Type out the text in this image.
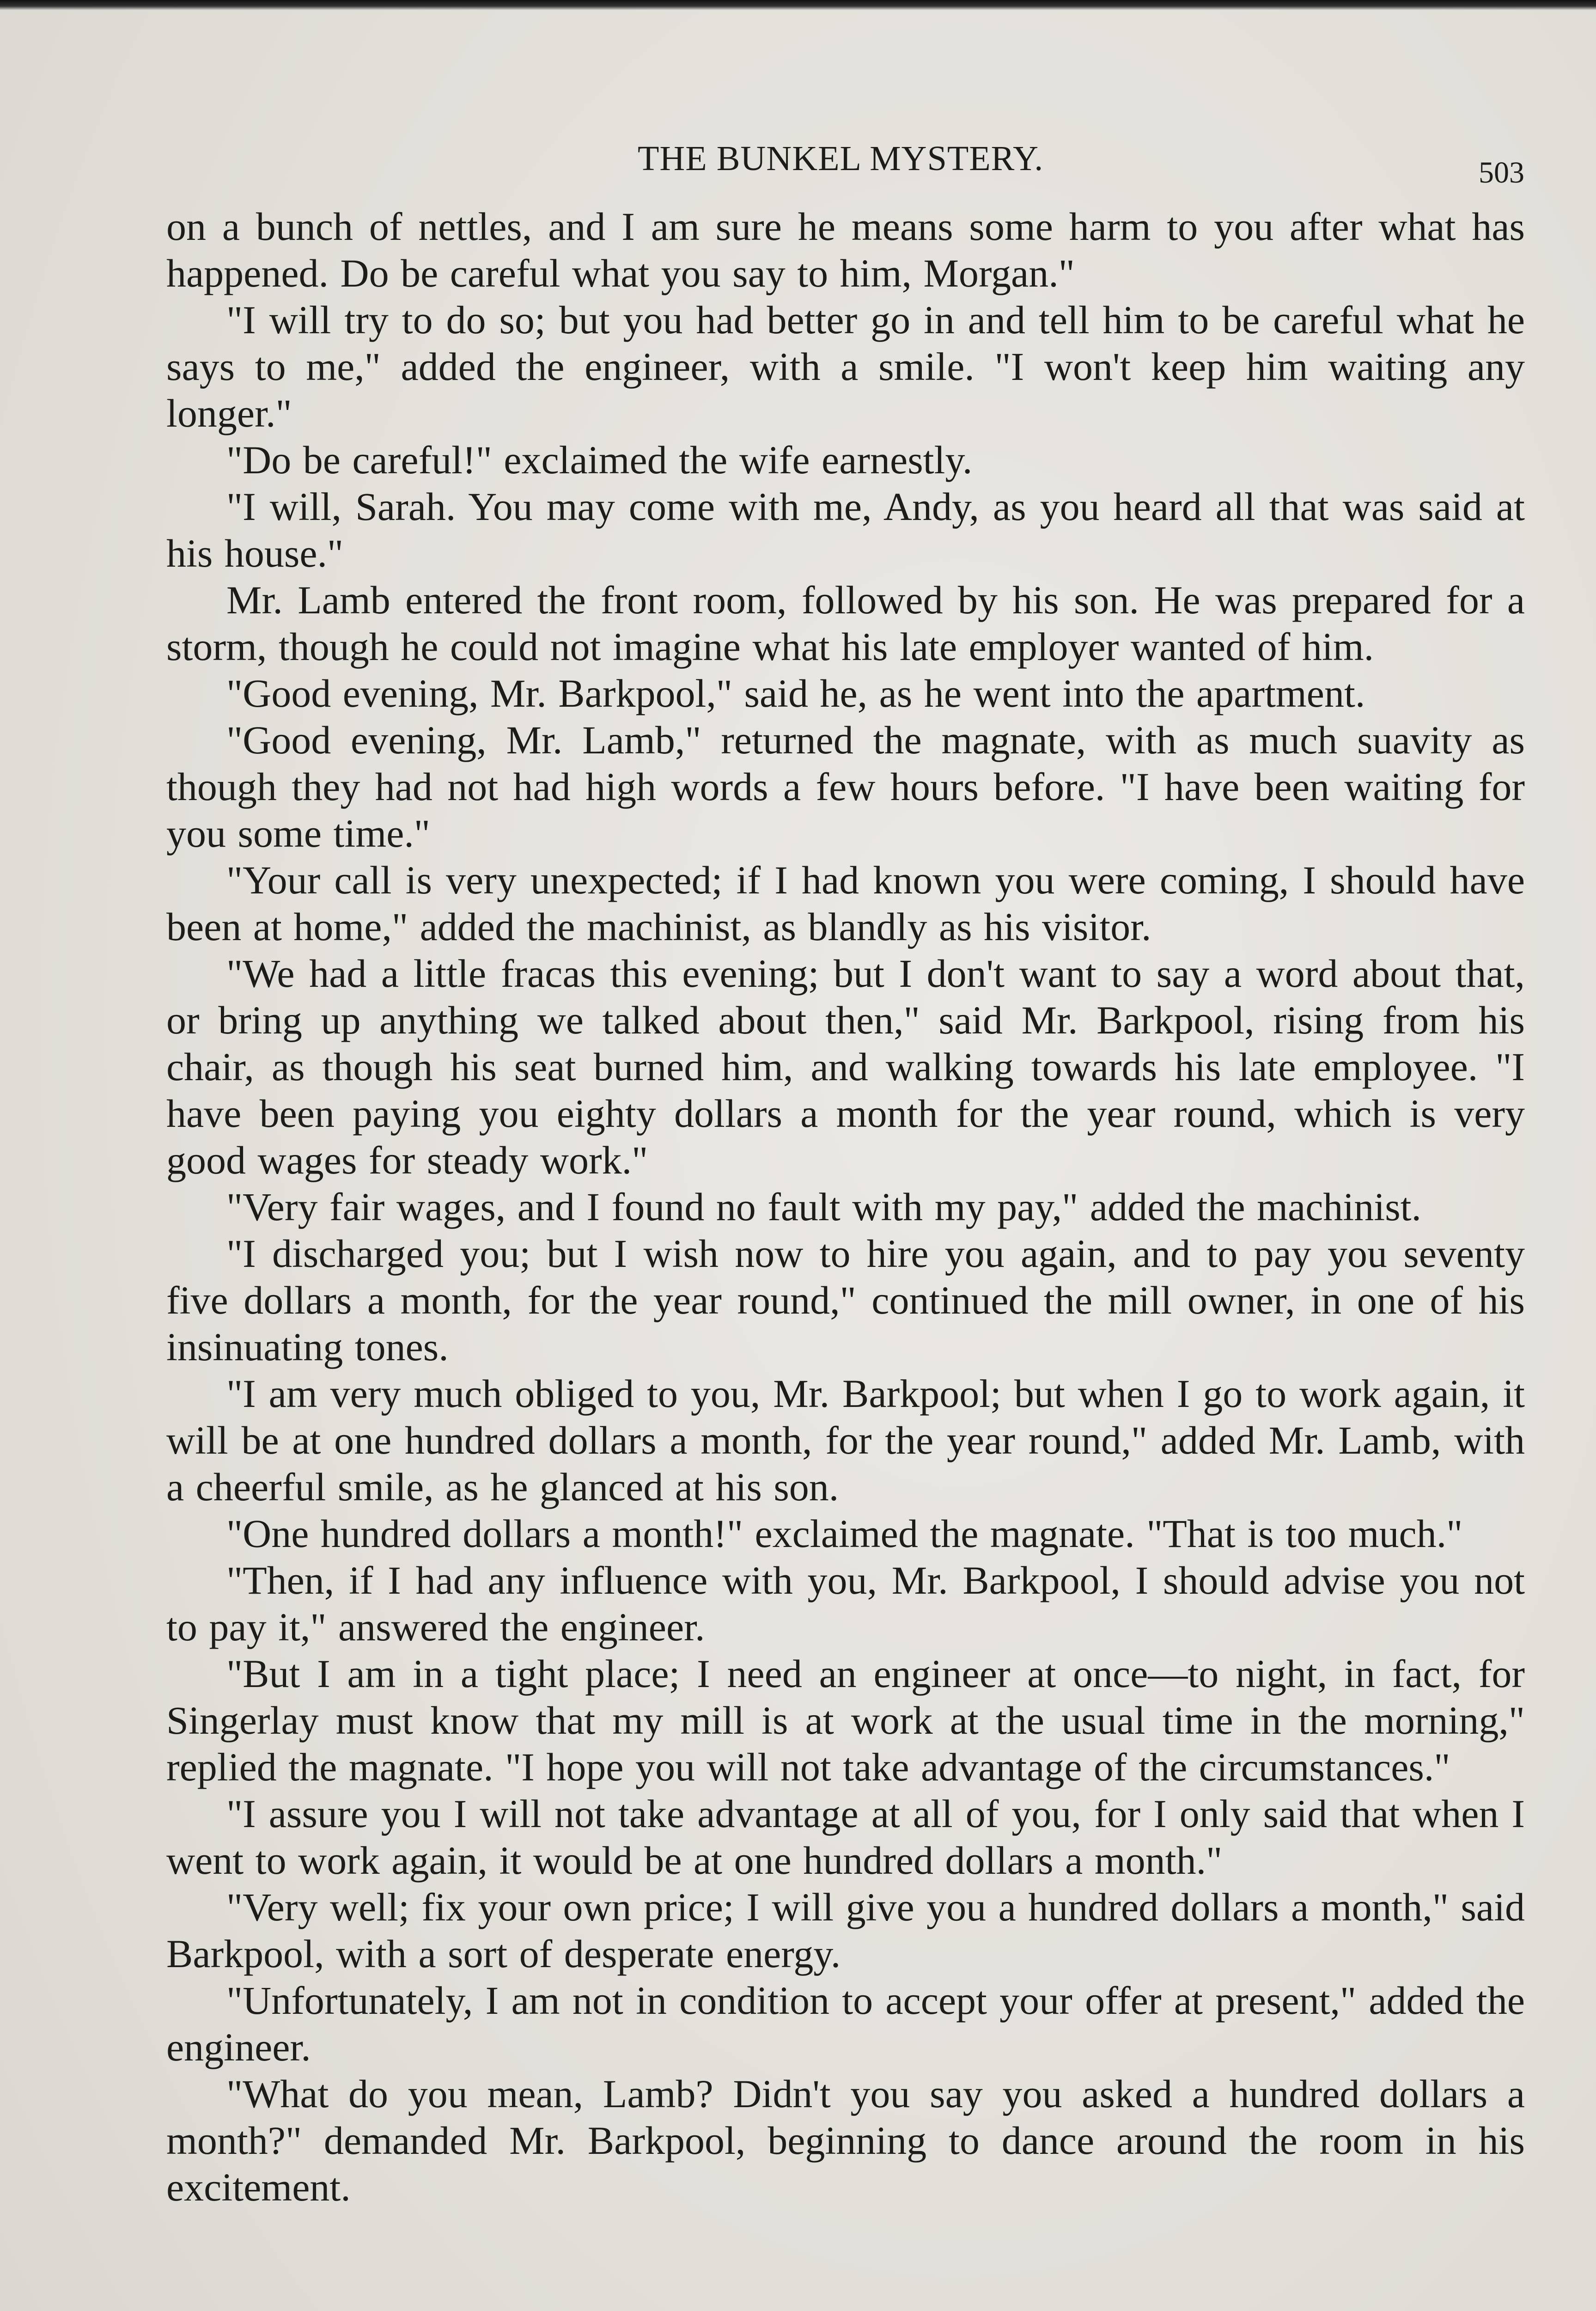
THE BUNKEL MYSTERY.	503

on a bunch of nettles, and I am sure he means some harm to you after what has happened. Do be careful what you say to him, Morgan."

"I will try to do so; but you had better go in and tell him to be careful what he says to me," added the engineer, with a smile. "I won't keep him waiting any longer."

"Do be careful!" exclaimed the wife earnestly.

"I will, Sarah. You may come with me, Andy, as you heard all that was said at his house."

Mr. Lamb entered the front room, followed by his son. He was prepared for a storm, though he could not imagine what his late employer wanted of him.

"Good evening, Mr. Barkpool," said he, as he went into the apartment.

"Good evening, Mr. Lamb," returned the magnate, with as much suavity as though they had not had high words a few hours before. "I have been waiting for you some time."

"Your call is very unexpected; if I had known you were coming, I should have been at home," added the machinist, as blandly as his visitor.

"We had a little fracas this evening; but I don't want to say a word about that, or bring up anything we talked about then," said Mr. Barkpool, rising from his chair, as though his seat burned him, and walking towards his late employee. "I have been paying you eighty dollars a month for the year round, which is very good wages for steady work."

"Very fair wages, and I found no fault with my pay," added the machinist.

"I discharged you; but I wish now to hire you again, and to pay you seventy five dollars a month, for the year round," continued the mill owner, in one of his insinuating tones.

"I am very much obliged to you, Mr. Barkpool; but when I go to work again, it will be at one hundred dollars a month, for the year round," added Mr. Lamb, with a cheerful smile, as he glanced at his son.

"One hundred dollars a month!" exclaimed the magnate. "That is too much."

"Then, if I had any influence with you, Mr. Barkpool, I should advise you not to pay it," answered the engineer.

"But I am in a tight place; I need an engineer at once—to night, in fact, for Singerlay must know that my mill is at work at the usual time in the morning," replied the magnate. "I hope you will not take advantage of the circumstances."

"I assure you I will not take advantage at all of you, for I only said that when I went to work again, it would be at one hundred dollars a month."

"Very well; fix your own price; I will give you a hundred dollars a month," said Barkpool, with a sort of desperate energy.

"Unfortunately, I am not in condition to accept your offer at present," added the engineer.

"What do you mean, Lamb? Didn't you say you asked a hundred dollars a month?" demanded Mr. Barkpool, beginning to dance around the room in his excitement.
